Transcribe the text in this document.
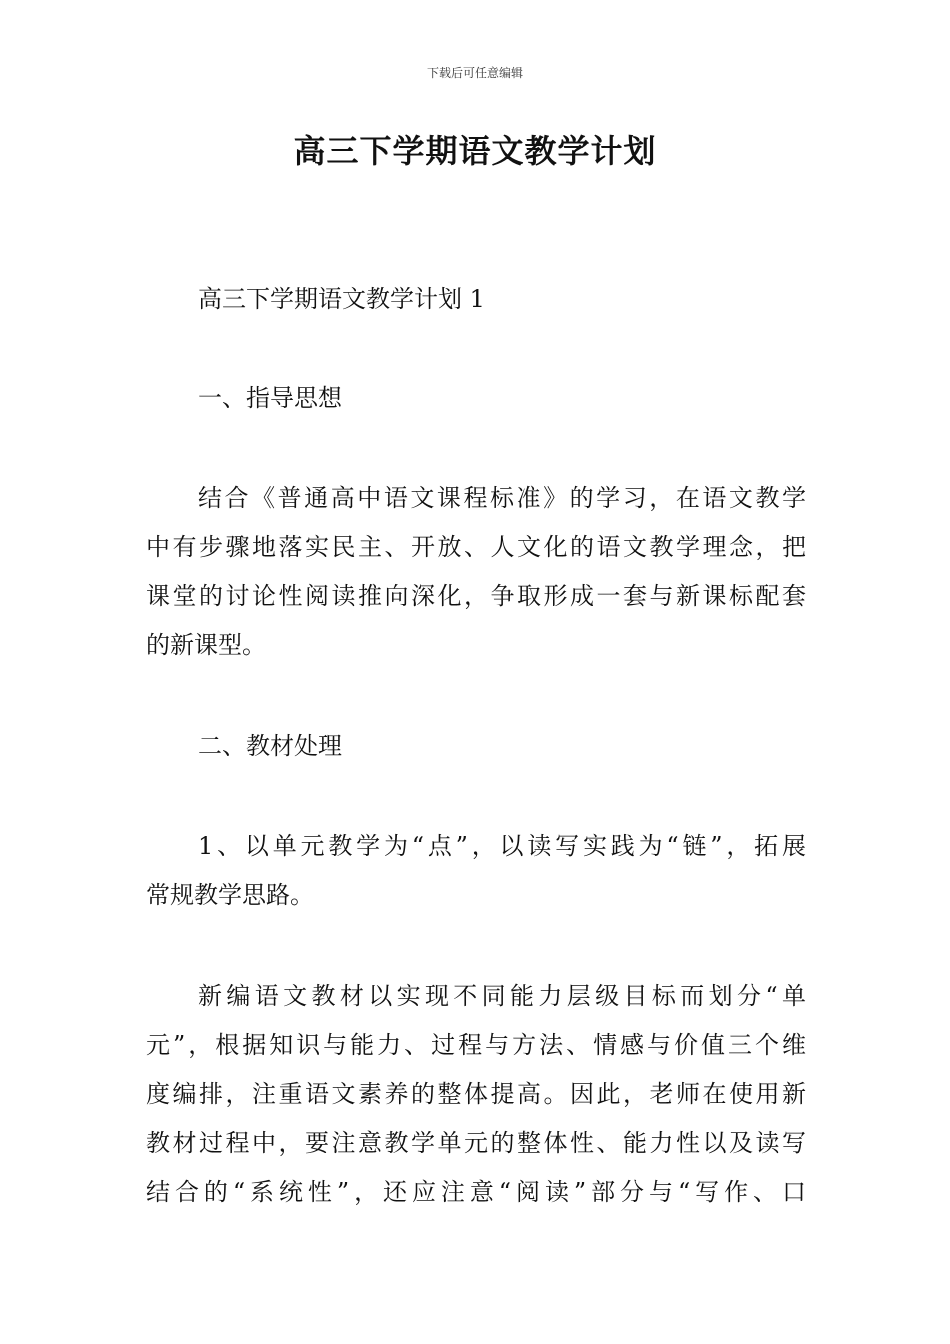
下载后可任意编辑
高三下学期语文教学计划

高三下学期语文教学计划 1

一、指导思想

结合《普通高中语文课程标准》的学习，在语文教学
中有步骤地落实民主、开放、人文化的语文教学理念，把
课堂的讨论性阅读推向深化，争取形成一套与新课标配套
的新课型。

二、教材处理

1、以单元教学为“点”，以读写实践为“链”，拓展
常规教学思路。
新编语文教材以实现不同能力层级目标而划分“单
元”，根据知识与能力、过程与方法、情感与价值三个维
度编排，注重语文素养的整体提高。因此，老师在使用新
教材过程中，要注意教学单元的整体性、能力性以及读写
结合的“系统性”，还应注意“阅读”部分与“写作、口
